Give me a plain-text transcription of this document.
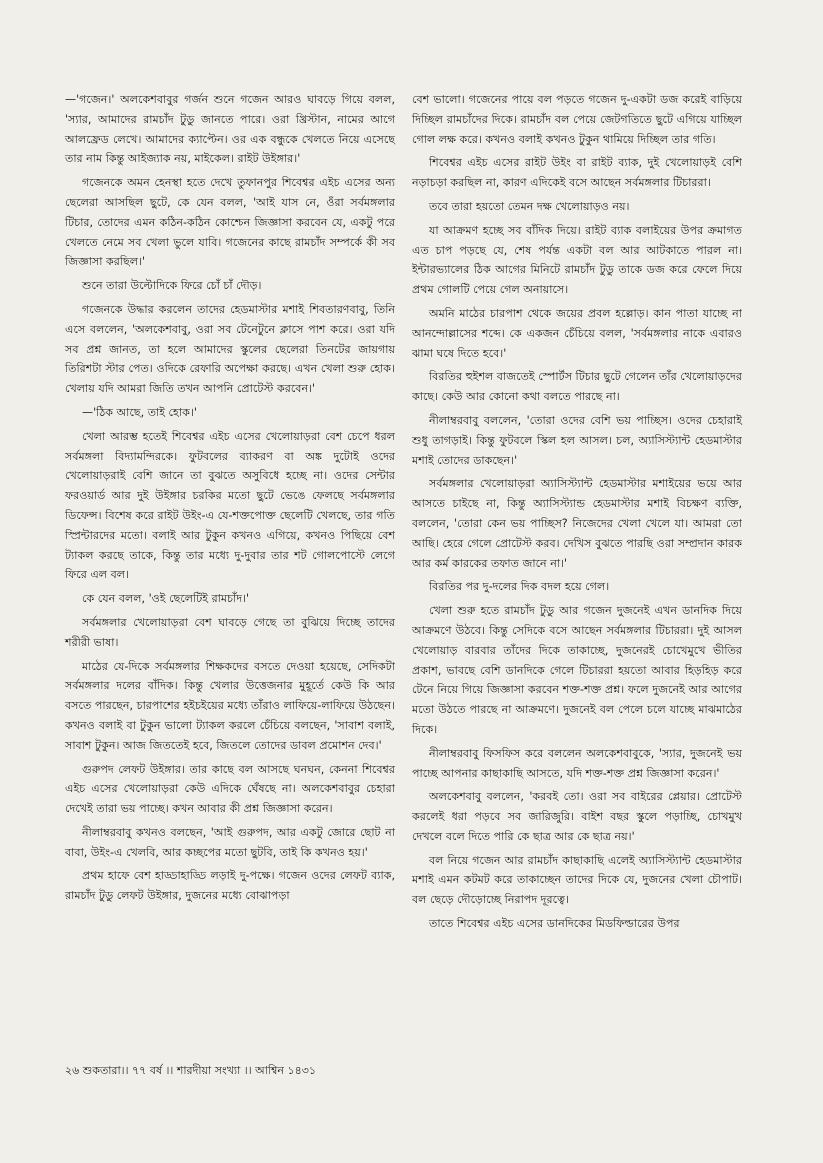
—'গজেন।' অলকেশবাবুর গর্জন শুনে গজেন আরও ঘাবড়ে গিয়ে বলল, 'স্যার, আমাদের রামচাঁদ টুডু জানতে পারে। ওরা খ্রিস্টান, নামের আগে আলফ্রেড লেখে। আমাদের ক্যাপ্টেন। ওর এক বন্ধুকে খেলতে নিয়ে এসেছে তার নাম কিন্তু আইজ্যাক নয়, মাইকেল। রাইট উইঙ্গার।'

গজেনকে অমন হেনস্থা হতে দেখে তুফানপুর শিবেশ্বর এইচ এসের অন্য ছেলেরা আসছিল ছুটে, কে যেন বলল, 'আই যাস নে, ওঁরা সর্বমঙ্গলার টিচার, তোদের এমন কঠিন-কঠিন কোশ্চেন জিজ্ঞাসা করবেন যে, একটু পরে খেলতে নেমে সব খেলা ভুলে যাবি। গজেনের কাছে রামচাঁদ সম্পর্কে কী সব জিজ্ঞাসা করছিল।'

শুনে তারা উল্টোদিকে ফিরে চোঁ চাঁ দৌড়।

গজেনকে উদ্ধার করলেন তাদের হেডমাস্টার মশাই শিবতারণবাবু, তিনি এসে বললেন, 'অলকেশবাবু, ওরা সব টেনেটুনে ক্লাসে পাশ করে। ওরা যদি সব প্রশ্ন জানত, তা হলে আমাদের স্কুলের ছেলেরা তিনটের জায়গায় তিরিশটা স্টার পেত। ওদিকে রেফারি অপেক্ষা করছে। এখন খেলা শুরু হোক। খেলায় যদি আমরা জিতি তখন আপনি প্রোটেস্ট করবেন।'

—'ঠিক আছে, তাই হোক।'

খেলা আরম্ভ হতেই শিবেশ্বর এইচ এসের খেলোয়াড়রা বেশ চেপে ধরল সর্বমঙ্গলা বিদ্যামন্দিরকে। ফুটবলের ব্যাকরণ বা অঙ্ক দুটোই ওদের খেলোয়াড়রাই বেশি জানে তা বুঝতে অসুবিধে হচ্ছে না। ওদের সেন্টার ফরওয়ার্ড আর দুই উইঙ্গার চরকির মতো ছুটে ভেঙে ফেলছে সর্বমঙ্গলার ডিফেন্স। বিশেষ করে রাইট উইং-এ যে-শক্তপোক্ত ছেলেটি খেলছে, তার গতি স্প্রিন্টারদের মতো। বলাই আর টুকুন কখনও এগিয়ে, কখনও পিছিয়ে বেশ ট্যাকল করছে তাকে, কিন্তু তার মধ্যে দু-দুবার তার শট গোলপোস্টে লেগে ফিরে এল বল।

কে যেন বলল, 'ওই ছেলেটিই রামচাঁদ।'

সর্বমঙ্গলার খেলোয়াড়রা বেশ ঘাবড়ে গেছে তা বুঝিয়ে দিচ্ছে তাদের শরীরী ভাষা।

মাঠের যে-দিকে সর্বমঙ্গলার শিক্ষকদের বসতে দেওয়া হয়েছে, সেদিকটা সর্বমঙ্গলার দলের বাঁদিক। কিন্তু খেলার উত্তেজনার মুহূর্তে কেউ কি আর বসতে পারছেন, চারপাশের হইচইয়ের মধ্যে তাঁরাও লাফিয়ে-লাফিয়ে উঠছেন। কখনও বলাই বা টুকুন ভালো ট্যাকল করলে চেঁচিয়ে বলছেন, 'সাবাশ বলাই, সাবাশ টুকুন। আজ জিততেই হবে, জিতলে তোদের ডাবল প্রমোশন দেব।'

গুরুপদ লেফট উইঙ্গার। তার কাছে বল আসছে ঘনঘন, কেননা শিবেশ্বর এইচ এসের খেলোয়াড়রা কেউ এদিকে ঘেঁষছে না। অলকেশবাবুর চেহারা দেখেই তারা ভয় পাচ্ছে। কখন আবার কী প্রশ্ন জিজ্ঞাসা করেন।

নীলাম্বরবাবু কখনও বলছেন, 'আই গুরুপদ, আর একটু জোরে ছোট না বাবা, উইং-এ খেলবি, আর কচ্ছপের মতো ছুটবি, তাই কি কখনও হয়।'

প্রথম হাফে বেশ হাড্ডাহাড্ডি লড়াই দু-পক্ষে। গজেন ওদের লেফট ব্যাক, রামচাঁদ টুডু লেফট উইঙ্গার, দুজনের মধ্যে বোঝাপড়া

বেশ ভালো। গজেনের পায়ে বল পড়তে গজেন দু-একটা ডজ করেই বাড়িয়ে দিচ্ছিল রামচাঁদের দিকে। রামচাঁদ বল পেয়ে জেটগতিতে ছুটে এগিয়ে যাচ্ছিল গোল লক্ষ করে। কখনও বলাই কখনও টুকুন থামিয়ে দিচ্ছিল তার গতি।

শিবেশ্বর এইচ এসের রাইট উইং বা রাইট ব্যাক, দুই খেলোয়াড়ই বেশি নড়াচড়া করছিল না, কারণ এদিকেই বসে আছেন সর্বমঙ্গলার টিচাররা।

তবে তারা হয়তো তেমন দক্ষ খেলোয়াড়ও নয়।

যা আক্রমণ হচ্ছে সব বাঁদিক দিয়ে। রাইট ব্যাক বলাইয়ের উপর ক্রমাগত এত চাপ পড়ছে যে, শেষ পর্যন্ত একটা বল আর আটকাতে পারল না। ইন্টারভ্যালের ঠিক আগের মিনিটে রামচাঁদ টুডু তাকে ডজ করে ফেলে দিয়ে প্রথম গোলটি পেয়ে গেল অনায়াসে।

অমনি মাঠের চারপাশ থেকে জয়ের প্রবল হল্লোড়। কান পাতা যাচ্ছে না আনন্দোল্লাসের শব্দে। কে একজন চেঁচিয়ে বলল, 'সর্বমঙ্গলার নাকে এবারও ঝামা ঘষে দিতে হবে।'

বিরতির হুইশল বাজতেই স্পোর্টস টিচার ছুটে গেলেন তাঁর খেলোয়াড়দের কাছে। কেউ আর কোনো কথা বলতে পারছে না।

নীলাম্বরবাবু বললেন, 'তোরা ওদের বেশি ভয় পাচ্ছিস। ওদের চেহারাই শুধু তাগড়াই। কিন্তু ফুটবলে স্কিল হল আসল। চল, অ্যাসিস্ট্যান্ট হেডমাস্টার মশাই তোদের ডাকছেন।'

সর্বমঙ্গলার খেলোয়াড়রা অ্যাসিস্ট্যান্ট হেডমাস্টার মশাইয়ের ভয়ে আর আসতে চাইছে না, কিন্তু অ্যাসিস্ট্যান্ড হেডমাস্টার মশাই বিচক্ষণ ব্যক্তি, বললেন, 'তোরা কেন ভয় পাচ্ছিস? নিজেদের খেলা খেলে যা। আমরা তো আছি। হেরে গেলে প্রোটেস্ট করব। দেখিস বুঝতে পারছি ওরা সম্প্রদান কারক আর কর্ম কারকের তফাত জানে না।'

বিরতির পর দু-দলের দিক বদল হয়ে গেল।

খেলা শুরু হতে রামচাঁদ টুডু আর গজেন দুজনেই এখন ডানদিক দিয়ে আক্রমণে উঠবে। কিন্তু সেদিকে বসে আছেন সর্বমঙ্গলার টিচাররা। দুই আসল খেলোয়াড় বারবার তাঁদের দিকে তাকাচ্ছে, দুজনেরই চোখেমুখে ভীতির প্রকাশ, ভাবছে বেশি ডানদিকে গেলে টিচাররা হয়তো আবার হিড়হিড় করে টেনে নিয়ে গিয়ে জিজ্ঞাসা করবেন শক্ত-শক্ত প্রশ্ন। ফলে দুজনেই আর আগের মতো উঠতে পারছে না আক্রমণে। দুজনেই বল পেলে চলে যাচ্ছে মাঝমাঠের দিকে।

নীলাম্বরবাবু ফিসফিস করে বললেন অলকেশবাবুকে, 'স্যার, দুজনেই ভয় পাচ্ছে আপনার কাছাকাছি আসতে, যদি শক্ত-শক্ত প্রশ্ন জিজ্ঞাসা করেন।'

অলকেশবাবু বললেন, 'করবই তো। ওরা সব বাইরের প্লেয়ার। প্রোটেস্ট করলেই ধরা পড়বে সব জারিজুরি। বাইশ বছর স্কুলে পড়াচ্ছি, চোখমুখ দেখলে বলে দিতে পারি কে ছাত্র আর কে ছাত্র নয়।'

বল নিয়ে গজেন আর রামচাঁদ কাছাকাছি এলেই অ্যাসিস্ট্যান্ট হেডমাস্টার মশাই এমন কটমট করে তাকাচ্ছেন তাদের দিকে যে, দুজনের খেলা চৌপাট। বল ছেড়ে দৌড়োচ্ছে নিরাপদ দূরত্বে।

তাতে শিবেশ্বর এইচ এসের ডানদিকের মিডফিল্ডারের উপর

২৬ শুকতারা।। ৭৭ বর্ষ ।। শারদীয়া সংখ্যা ।। আশ্বিন ১৪৩১
